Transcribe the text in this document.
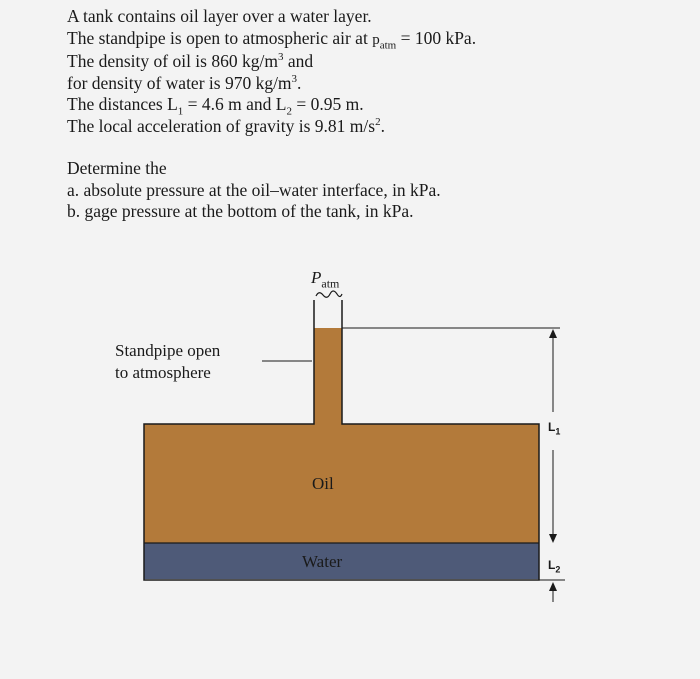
A tank contains oil layer over a water layer.

The standpipe is open to atmospheric air at $p_{atm} = 100$ kPa.

The density of oil is 860 $kg/m^3$ and

for density of water is 970 $kg/m^3$.

The distances $L_1 = 4.6$ m and $L_2 = 0.95$ m.

The local acceleration of gravity is 9.81 $m/s^2$.

Determine the

a. absolute pressure at the oil–water interface, in kPa.

b. gage pressure at the bottom of the tank, in kPa.

$P_{atm}$
Standpipe open
to atmosphere
Oil
Water
$L_1$
$L_2$
